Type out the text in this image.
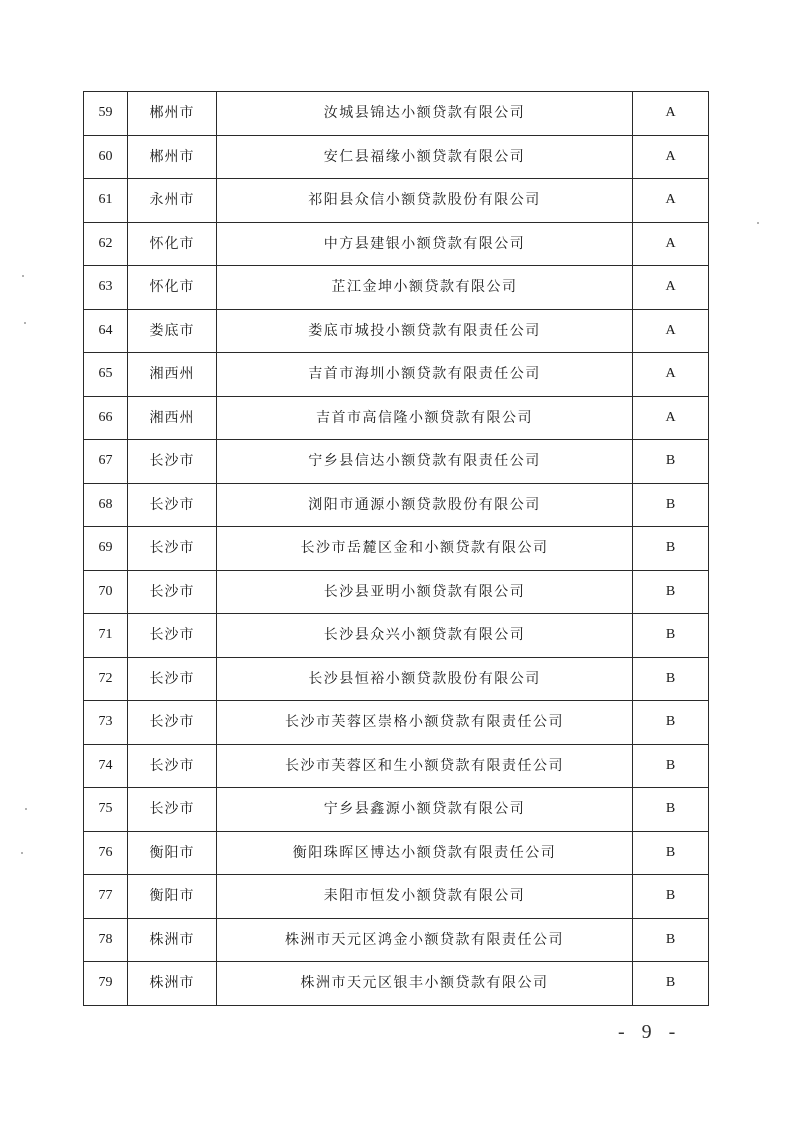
59	郴州市	汝城县锦达小额贷款有限公司	A
60	郴州市	安仁县福缘小额贷款有限公司	A
61	永州市	祁阳县众信小额贷款股份有限公司	A
62	怀化市	中方县建银小额贷款有限公司	A
63	怀化市	芷江金坤小额贷款有限公司	A
64	娄底市	娄底市城投小额贷款有限责任公司	A
65	湘西州	吉首市海圳小额贷款有限责任公司	A
66	湘西州	吉首市高信隆小额贷款有限公司	A
67	长沙市	宁乡县信达小额贷款有限责任公司	B
68	长沙市	浏阳市通源小额贷款股份有限公司	B
69	长沙市	长沙市岳麓区金和小额贷款有限公司	B
70	长沙市	长沙县亚明小额贷款有限公司	B
71	长沙市	长沙县众兴小额贷款有限公司	B
72	长沙市	长沙县恒裕小额贷款股份有限公司	B
73	长沙市	长沙市芙蓉区崇格小额贷款有限责任公司	B
74	长沙市	长沙市芙蓉区和生小额贷款有限责任公司	B
75	长沙市	宁乡县鑫源小额贷款有限公司	B
76	衡阳市	衡阳珠晖区博达小额贷款有限责任公司	B
77	衡阳市	耒阳市恒发小额贷款有限公司	B
78	株洲市	株洲市天元区鸿金小额贷款有限责任公司	B
79	株洲市	株洲市天元区银丰小额贷款有限公司	B
- 9 -
